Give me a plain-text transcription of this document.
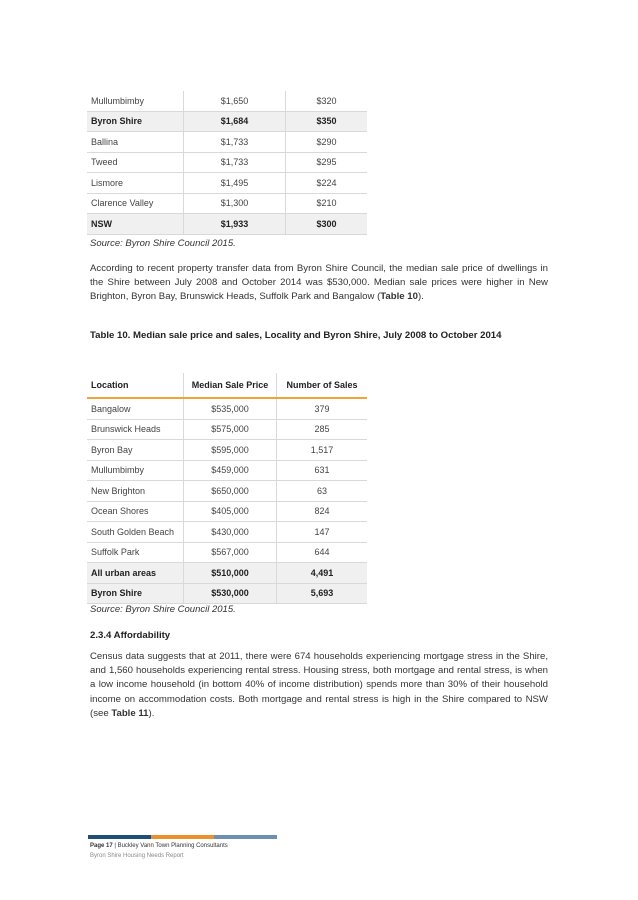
Mullumbimby	$1,650	$320
Byron Shire	$1,684	$350
Ballina	$1,733	$290
Tweed	$1,733	$295
Lismore	$1,495	$224
Clarence Valley	$1,300	$210
NSW	$1,933	$300
Source: Byron Shire Council 2015.
According to recent property transfer data from Byron Shire Council, the median sale price of dwellings in the Shire between July 2008 and October 2014 was $530,000. Median sale prices were higher in New Brighton, Byron Bay, Brunswick Heads, Suffolk Park and Bangalow (Table 10).
Table 10. Median sale price and sales, Locality and Byron Shire, July 2008 to October 2014
Location	Median Sale Price	Number of Sales
Bangalow	$535,000	379
Brunswick Heads	$575,000	285
Byron Bay	$595,000	1,517
Mullumbimby	$459,000	631
New Brighton	$650,000	63
Ocean Shores	$405,000	824
South Golden Beach	$430,000	147
Suffolk Park	$567,000	644
All urban areas	$510,000	4,491
Byron Shire	$530,000	5,693
Source: Byron Shire Council 2015.
2.3.4 Affordability
Census data suggests that at 2011, there were 674 households experiencing mortgage stress in the Shire, and 1,560 households experiencing rental stress. Housing stress, both mortgage and rental stress, is when a low income household (in bottom 40% of income distribution) spends more than 30% of their household income on accommodation costs. Both mortgage and rental stress is high in the Shire compared to NSW (see Table 11).
Page 17 | Buckley Vann Town Planning Consultants
Byron Shire Housing Needs Report
